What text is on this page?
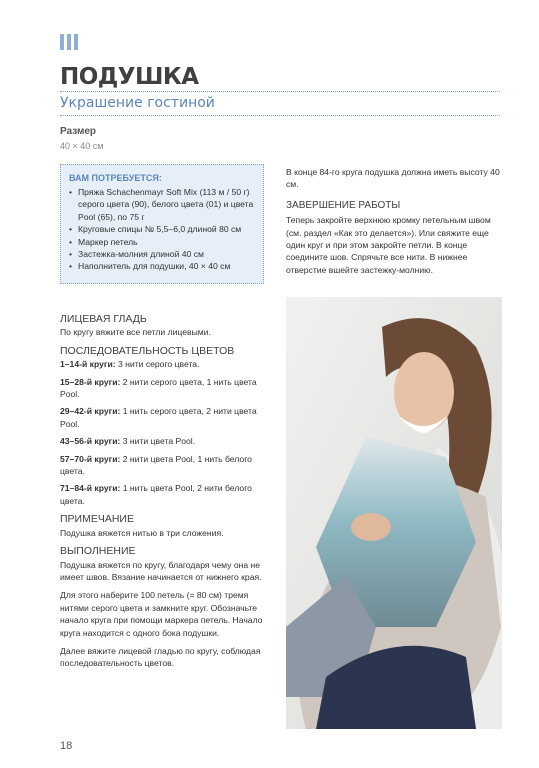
ПОДУШКА
Украшение гостиной
Размер
40 × 40 см
ВАМ ПОТРЕБУЕТСЯ:
• Пряжа Schachenmayr Soft Mix (113 м / 50 г) серого цвета (90), белого цвета (01) и цвета Pool (65), по 75 г
• Круговые спицы № 5,5–6,0 длиной 80 см
• Маркер петель
• Застежка-молния длиной 40 см
• Наполнитель для подушки, 40 × 40 см

В конце 84-го круга подушка должна иметь высоту 40 см.

ЗАВЕРШЕНИЕ РАБОТЫ

Теперь закройте верхнюю кромку петельным швом (см. раздел «Как это делается»). Или свяжите еще один круг и при этом закройте петли. В конце соедините шов. Спрячьте все нити. В нижнее отверстие вшейте застежку-молнию.

ЛИЦЕВАЯ ГЛАДЬ

По кругу вяжите все петли лицевыми.

ПОСЛЕДОВАТЕЛЬНОСТЬ ЦВЕТОВ
1–14-й круги: 3 нити серого цвета.
15–28-й круги: 2 нити серого цвета, 1 нить цвета Pool.
29–42-й круги: 1 нить серого цвета, 2 нити цвета Pool.
43–56-й круги: 3 нити цвета Pool.
57–70-й круги: 2 нити цвета Pool, 1 нить белого цвета.
71–84-й круги: 1 нить цвета Pool, 2 нити белого цвета.
ПРИМЕЧАНИЕ

Подушка вяжется нитью в три сложения.

ВЫПОЛНЕНИЕ

Подушка вяжется по кругу, благодаря чему она не имеет швов. Вязание начинается от нижнего края.

Для этого наберите 100 петель (= 80 см) тремя нитями серого цвета и замкните круг. Обозначьте начало круга при помощи маркера петель. Начало круга находится с одного бока подушки.

Далее вяжите лицевой гладью по кругу, соблюдая последовательность цветов.

18
